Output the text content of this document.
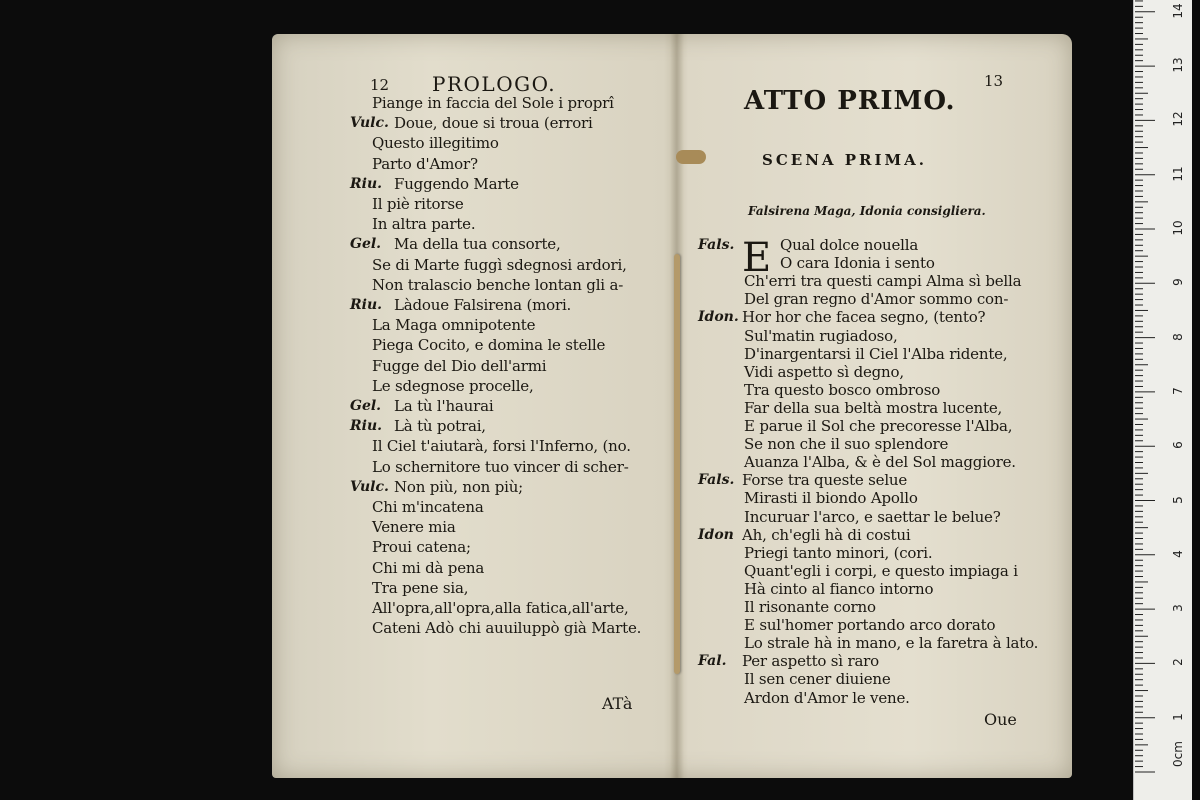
12 PROLOGO.
Piange in faccia del Sole i proprî
Vulc. Doue, doue si troua (errori
Questo illegitimo
Parto d'Amor?
Riu. Fuggendo Marte
Il piè ritorse
In altra parte.
Gel. Ma della tua consorte,
Se di Marte fuggì sdegnosi ardori,
Non tralascio benche lontan gli a-
Riu. Làdoue Falsirena (mori.
La Maga omnipotente
Piega Cocito, e domina le stelle
Fugge del Dio dell'armi
Le sdegnose procelle,
Gel. La tù l'haurai
Riu. Là tù potrai,
Il Ciel t'aiutarà, forsi l'Inferno, (no.
Lo schernitore tuo vincer di scher-
Vulc. Non più, non più;
Chi m'incatena
Venere mia
Proui catena;
Chi mi dà pena
Tra pene sia,
All'opra,all'opra,alla fatica,all'arte,
Cateni Adò chi auuiluppò già Marte.
ATà
13
ATTO PRIMO.
SCENA PRIMA.
Falsirena Maga, Idonia consigliera.
E
Fals.	Qual dolce nouella
O cara Idonia i sento
Ch'erri tra questi campi Alma sì bella
Del gran regno d'Amor sommo con-
Idon. Hor hor che facea segno, (tento?
Sul'matin rugiadoso,
D'inargentarsi il Ciel l'Alba ridente,
Vidi aspetto sì degno,
Tra questo bosco ombroso
Far della sua beltà mostra lucente,
E parue il Sol che precoresse l'Alba,
Se non che il suo splendore
Auanza l'Alba, & è del Sol maggiore.
Fals. Forse tra queste selue
Mirasti il biondo Apollo
Incuruar l'arco, e saettar le belue?
Idon Ah, ch'egli hà di costui
Priegi tanto minori, (cori.
Quant'egli i corpi, e questo impiaga i
Hà cinto al fianco intorno
Il risonante corno
E sul'homer portando arco dorato
Lo strale hà in mano, e la faretra à lato.
Fal. Per aspetto sì raro
Il sen cener diuiene
Ardon d'Amor le vene.
Oue
0cm
1
2
3
4
5
6
7
8
9
10
11
12
13
14
